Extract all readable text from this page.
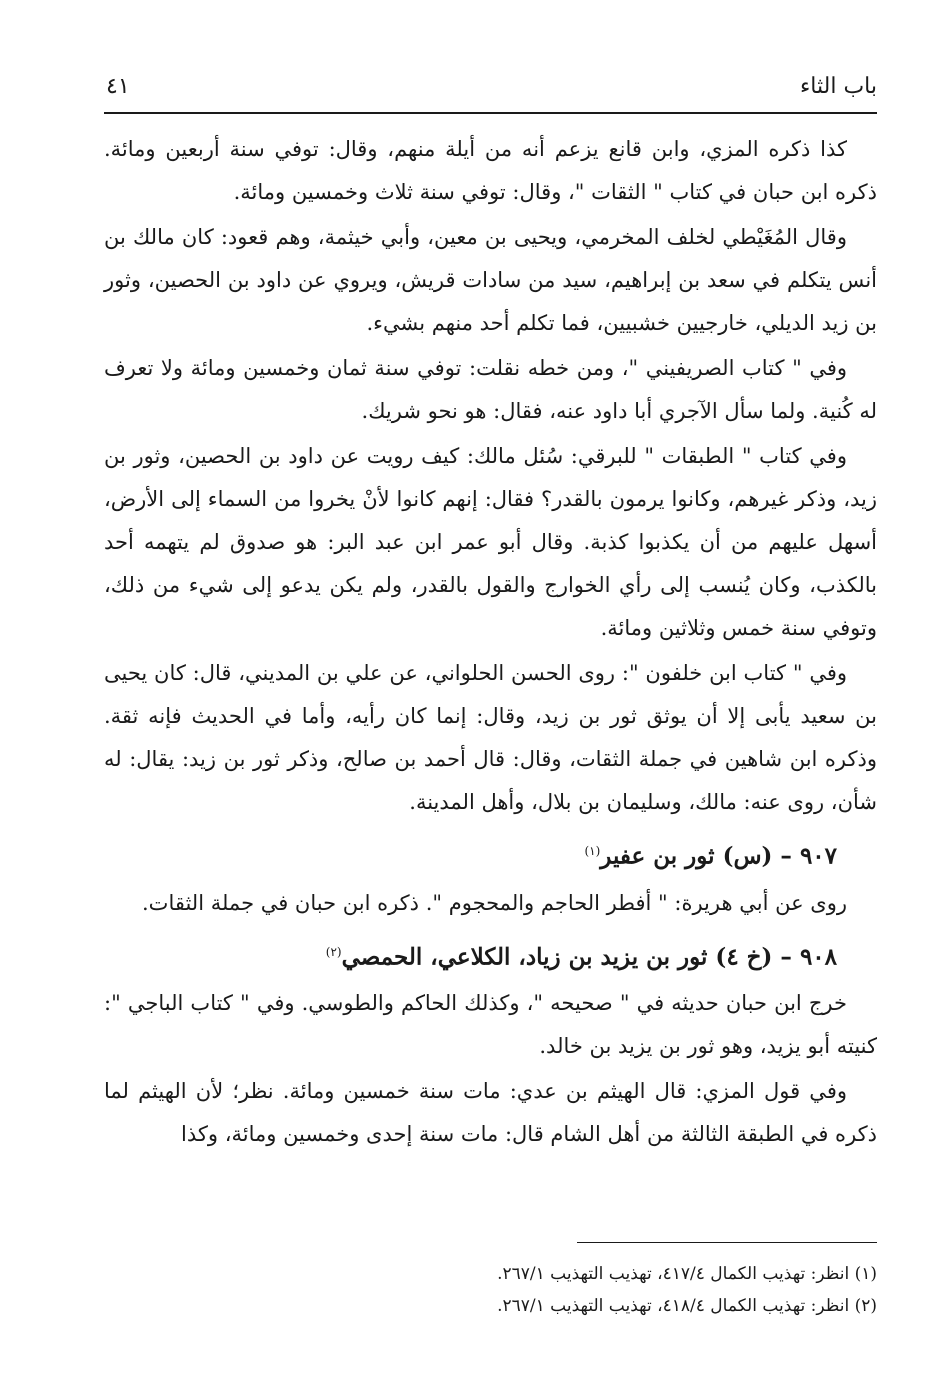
باب الثاء
٤١

كذا ذكره المزي، وابن قانع يزعم أنه من أيلة منهم، وقال: توفي سنة أربعين ومائة. ذكره ابن حبان في كتاب " الثقات "، وقال: توفي سنة ثلاث وخمسين ومائة.

وقال المُغَيْطي لخلف المخرمي، ويحيى بن معين، وأبي خيثمة، وهم قعود: كان مالك بن أنس يتكلم في سعد بن إبراهيم، سيد من سادات قريش، ويروي عن داود بن الحصين، وثور بن زيد الديلي، خارجيين خشبيين، فما تكلم أحد منهم بشيء.

وفي " كتاب الصريفيني "، ومن خطه نقلت: توفي سنة ثمان وخمسين ومائة ولا تعرف له كُنية. ولما سأل الآجري أبا داود عنه، فقال: هو نحو شريك.

وفي كتاب " الطبقات " للبرقي: سُئل مالك: كيف رويت عن داود بن الحصين، وثور بن زيد، وذكر غيرهم، وكانوا يرمون بالقدر؟ فقال: إنهم كانوا لأنْ يخروا من السماء إلى الأرض، أسهل عليهم من أن يكذبوا كذبة. وقال أبو عمر ابن عبد البر: هو صدوق لم يتهمه أحد بالكذب، وكان يُنسب إلى رأي الخوارج والقول بالقدر، ولم يكن يدعو إلى شيء من ذلك، وتوفي سنة خمس وثلاثين ومائة.

وفي " كتاب ابن خلفون ": روى الحسن الحلواني، عن علي بن المديني، قال: كان يحيى بن سعيد يأبى إلا أن يوثق ثور بن زيد، وقال: إنما كان رأيه، وأما في الحديث فإنه ثقة. وذكره ابن شاهين في جملة الثقات، وقال: قال أحمد بن صالح، وذكر ثور بن زيد: يقال: له شأن، روى عنه: مالك، وسليمان بن بلال، وأهل المدينة.

٩٠٧ – (س) ثور بن عفير$^{(١)}$

روى عن أبي هريرة: " أفطر الحاجم والمحجوم ". ذكره ابن حبان في جملة الثقات.

٩٠٨ – (خ ٤) ثور بن يزيد بن زياد، الكلاعي، الحمصي$^{(٢)}$

خرج ابن حبان حديثه في " صحيحه "، وكذلك الحاكم والطوسي. وفي " كتاب الباجي ": كنيته أبو يزيد، وهو ثور بن يزيد بن خالد.

وفي قول المزي: قال الهيثم بن عدي: مات سنة خمسين ومائة. نظر؛ لأن الهيثم لما ذكره في الطبقة الثالثة من أهل الشام قال: مات سنة إحدى وخمسين ومائة، وكذا

(١) انظر: تهذيب الكمال ٤١٧/٤، تهذيب التهذيب ٢٦٧/١.
(٢) انظر: تهذيب الكمال ٤١٨/٤، تهذيب التهذيب ٢٦٧/١.
